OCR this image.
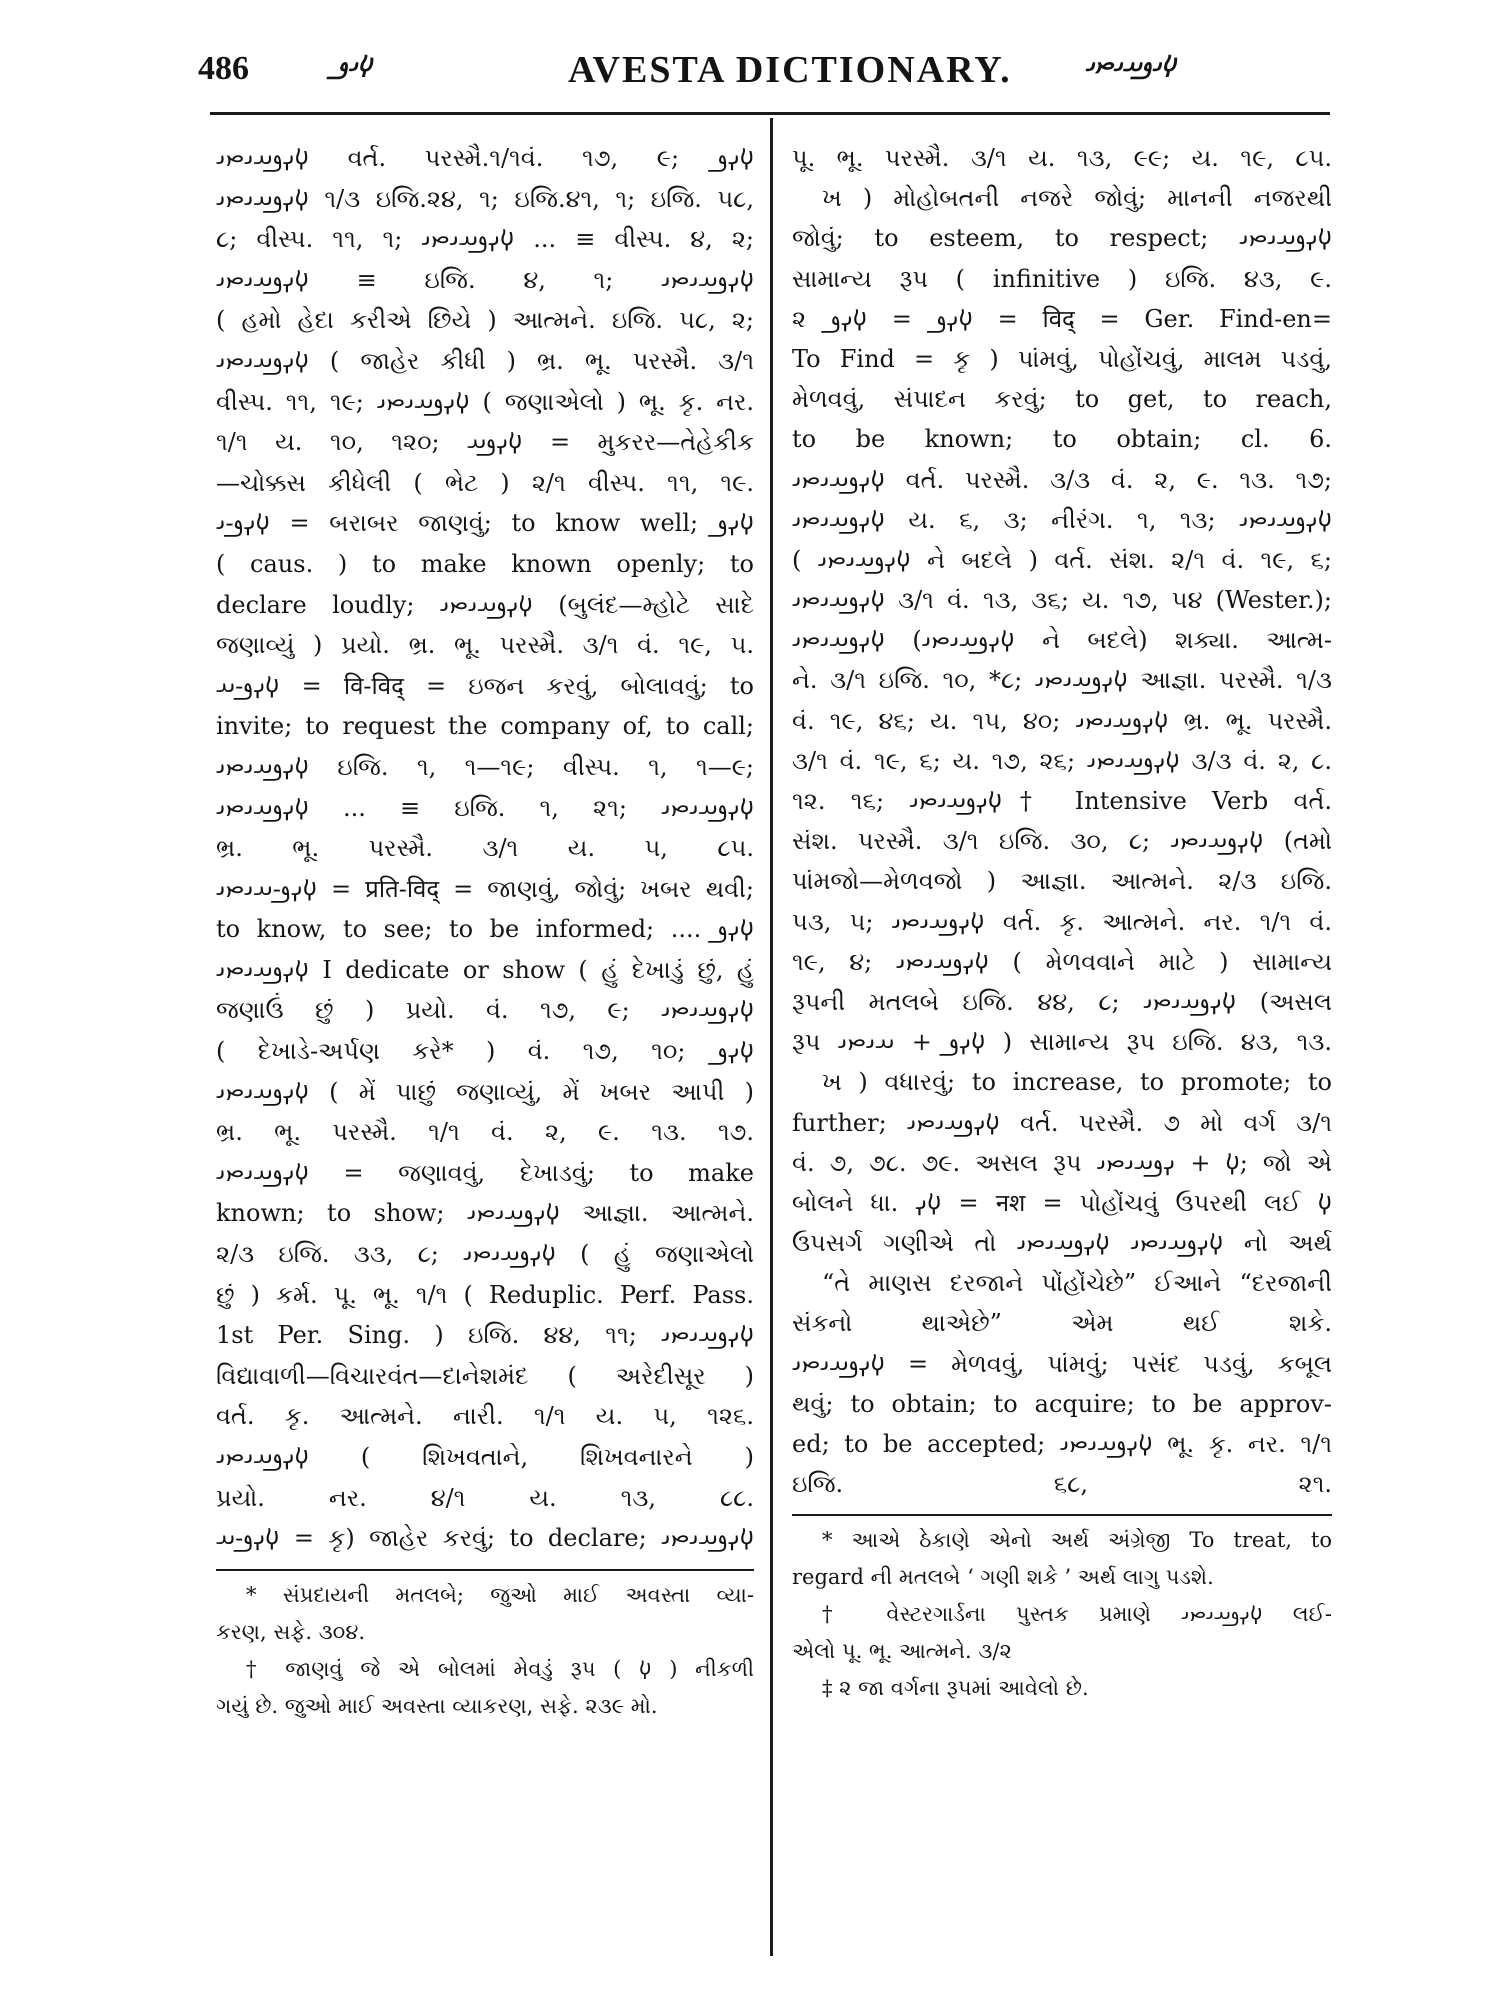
486	𐬬𐬌𐬛	AVESTA DICTIONARY.	𐬬𐬌𐬛𐬀𐬌𐬙𐬌
𐬬𐬍𐬛𐬀𐬌𐬙𐬌 વર્ત. પરસ્મૈ.૧/૧વં. ૧૭, ૯; 𐬬𐬍𐬛
𐬬𐬍𐬛𐬀𐬌𐬙𐬌 ૧/૩ ઇજિ.૨૪, ૧; ઇજિ.૪૧, ૧; ઇજિ. ૫૮,
૮; વીસ્પ. ૧૧, ૧; 𐬬𐬍𐬛𐬀𐬌𐬙𐬌 ... ≡ વીસ્પ. ૪, ૨;
𐬬𐬍𐬛𐬀𐬌𐬙𐬌 ≡ ઇજિ. ૪, ૧; 𐬬𐬍𐬛𐬀𐬌𐬙𐬌
( હમો હેદા કરીએ છિયે ) આત્મને. ઇજિ. ૫૮, ૨;
𐬬𐬍𐬛𐬀𐬌𐬙𐬌 ( જાહેર કીધી ) ભ્ર. ભૂ. પરસ્મૈ. ૩/૧
વીસ્પ. ૧૧, ૧૯; 𐬬𐬍𐬛𐬀𐬌𐬙𐬌 ( જણાએલો ) ભૂ. કૃ. નર.
૧/૧ ય. ૧૦, ૧૨૦; 𐬬𐬍𐬛𐬀 = મુકરર—તેહેકીક
—ચોક્કસ કીધેલી ( ભેટ ) ૨/૧ વીસ્પ. ૧૧, ૧૯.
𐬬𐬍𐬛-𐬌 = બરાબર જાણવું; to know well; 𐬬𐬍𐬛
( caus. ) to make known openly; to
declare loudly; 𐬬𐬍𐬛𐬀𐬌𐬙𐬌 (બુલંદ—મ્હોટે સાદે
જણાવ્યું ) પ્રયો. ભ્ર. ભૂ. પરસ્મૈ. ૩/૧ વં. ૧૯, ૫.
𐬬𐬍𐬛-𐬀 = वि-विद् = ઇજન કરવું, બોલાવવું; to
invite; to request the company of, to call;
𐬬𐬍𐬛𐬀𐬌𐬙𐬌 ઇજિ. ૧, ૧—૧૯; વીસ્પ. ૧, ૧—૯;
𐬬𐬍𐬛𐬀𐬌𐬙𐬌 ... ≡ ઇજિ. ૧, ૨૧; 𐬬𐬍𐬛𐬀𐬌𐬙𐬌
ભ્ર. ભૂ. પરસ્મૈ. ૩/૧ ય. ૫, ૮૫.
𐬬𐬍𐬛-𐬀𐬌𐬙𐬌 = प्रति-विद् = જાણવું, જોવું; ખબર થવી;
to know, to see; to be informed; .... 𐬬𐬍𐬛
𐬬𐬍𐬛𐬀𐬌𐬙𐬌 I dedicate or show ( હું દેખાડું છું, હું
જણાઉં છું ) પ્રયો. વં. ૧૭, ૯; 𐬬𐬍𐬛𐬀𐬌𐬙𐬌
( દેખાડે-અર્પણ કરે* ) વં. ૧૭, ૧૦; 𐬬𐬍𐬛
𐬬𐬍𐬛𐬀𐬌𐬙𐬌 ( મેં પાછું જણાવ્યું, મેં ખબર આપી )
ભ્ર. ભૂ. પરસ્મૈ. ૧/૧ વં. ૨, ૯. ૧૩. ૧૭.
𐬬𐬍𐬛𐬀𐬌𐬙𐬌 = જણાવવું, દેખાડવું; to make
known; to show; 𐬬𐬍𐬛𐬀𐬌𐬙𐬌 આજ્ઞા. આત્મને.
૨/૩ ઇજિ. ૩૩, ૮; 𐬬𐬍𐬛𐬀𐬌𐬙𐬌 ( હું જણાએલો
છું ) કર્મ. પૂ. ભૂ. ૧/૧ ( Reduplic. Perf. Pass.
1st Per. Sing. ) ઇજિ. ૪૪, ૧૧; 𐬬𐬍𐬛𐬀𐬌𐬙𐬌
વિદ્યાવાળી—વિચારવંત—દાનેશમંદ ( અરેદીસૂર )
વર્ત. કૃ. આત્મને. નારી. ૧/૧ ય. ૫, ૧૨૬.
𐬬𐬍𐬛𐬀𐬌𐬙𐬌 ( શિખવતાને, શિખવનારને )
પ્રયો. નર. ૪/૧ ય. ૧૩, ૮૮.
𐬬𐬍𐬛-𐬀 = કૃ) જાહેર કરવું; to declare; 𐬬𐬍𐬛𐬀𐬌𐬙𐬌
* સંપ્રદાયની મતલબે; જુઓ માઈ અવસ્તા વ્યા-
કરણ, સફે. ૩૦૪.
† જાણવું જે એ બોલમાં મેવડું રૂપ ( 𐬬 ) નીકળી
ગયું છે. જુઓ માઈ અવસ્તા વ્યાકરણ, સફે. ૨૩૯ મો.
પૂ. ભૂ. પરસ્મૈ. ૩/૧ ય. ૧૩, ૯૯; ય. ૧૯, ૮૫.
ખ ) મોહોબતની નજરે જોવું; માનની નજરથી
જોવું; to esteem, to respect; 𐬬𐬍𐬛𐬀𐬌𐬙𐬌
સામાન્ય રૂપ ( infinitive ) ઇજિ. ૪૩, ૯.
૨ 𐬬𐬍𐬛 = 𐬬𐬍𐬛 = विद् = Ger. Find-en=
To Find = કૃ ) પાંમવું, પોહોંચવું, માલમ પડવું,
મેળવવું, સંપાદન કરવું; to get, to reach,
to be known; to obtain; cl. 6.
𐬬𐬍𐬛𐬀𐬌𐬙𐬌 વર્ત. પરસ્મૈ. ૩/૩ વં. ૨, ૯. ૧૩. ૧૭;
𐬬𐬍𐬛𐬀𐬌𐬙𐬌 ય. ૬, ૩; નીરંગ. ૧, ૧૩; 𐬬𐬍𐬛𐬀𐬌𐬙𐬌
( 𐬬𐬍𐬛𐬀𐬌𐬙𐬌 ને બદલે ) વર્ત. સંશ. ૨/૧ વં. ૧૯, ૬;
𐬬𐬍𐬛𐬀𐬌𐬙𐬌 ૩/૧ વં. ૧૩, ૩૬; ય. ૧૭, ૫૪ (Wester.);
𐬬𐬍𐬛𐬀𐬌𐬙𐬌 (𐬬𐬍𐬛𐬀𐬌𐬙𐬌 ને બદલે) શક્યા. આત્મ-
ને. ૩/૧ ઇજિ. ૧૦, *૮; 𐬬𐬍𐬛𐬀𐬌𐬙𐬌 આજ્ઞા. પરસ્મૈ. ૧/૩
વં. ૧૯, ૪૬; ય. ૧૫, ૪૦; 𐬬𐬍𐬛𐬀𐬌𐬙𐬌 ભ્ર. ભૂ. પરસ્મૈ.
૩/૧ વં. ૧૯, ૬; ય. ૧૭, ૨૬; 𐬬𐬍𐬛𐬀𐬌𐬙𐬌 ૩/૩ વં. ૨, ૮.
૧૨. ૧૬; 𐬬𐬍𐬛𐬀𐬌𐬙𐬌† Intensive Verb વર્ત.
સંશ. પરસ્મૈ. ૩/૧ ઇજિ. ૩૦, ૮; 𐬬𐬍𐬛𐬀𐬌𐬙𐬌 (તમો
પાંમજો—મેળવજો ) આજ્ઞા. આત્મને. ૨/૩ ઇજિ.
૫૩, ૫; 𐬬𐬍𐬛𐬀𐬌𐬙𐬌 વર્ત. કૃ. આત્મને. નર. ૧/૧ વં.
૧૯, ૪; 𐬬𐬍𐬛𐬀𐬌𐬙𐬌 ( મેળવવાને માટે ) સામાન્ય
રૂપની મતલબે ઇજિ. ૪૪, ૮; 𐬬𐬍𐬛𐬀𐬌𐬙𐬌 (અસલ
રૂપ 𐬬𐬍𐬛 + 𐬀𐬌𐬙𐬌 ) સામાન્ય રૂપ ઇજિ. ૪૩, ૧૩.
ખ ) વધારવું; to increase, to promote; to
further; 𐬬𐬍𐬛𐬀𐬌𐬙𐬌 વર્ત. પરસ્મૈ. ૭ મો વર્ગ ૩/૧
વં. ૭, ૭૮. ૭૯. અસલ રૂપ 𐬬 + 𐬍𐬛𐬀𐬌𐬙𐬌; જો એ
બોલને ધા. 𐬬𐬍 = नश = પોહોંચવું ઉપરથી લઈ 𐬬
ઉપસર્ગ ગણીએ તો 𐬬𐬍𐬛𐬀𐬌𐬙𐬌 𐬬𐬍𐬛𐬀𐬌𐬙𐬌 નો અર્થ
“તે માણસ દરજાને પોંહોંચેછે” ઈઆને “દરજાની
સંકનો થાએછે” એમ થઈ શકે.
𐬬𐬍𐬛𐬀𐬌𐬙𐬌 = મેળવવું, પાંમવું; પસંદ પડવું, કબૂલ
થવું; to obtain; to acquire; to be approv-
ed; to be accepted; 𐬬𐬍𐬛𐬀𐬌𐬙𐬌 ભૂ. કૃ. નર. ૧/૧
ઇજિ. ૬૮, ૨૧.
* આએ ઠેકાણે એનો અર્થ અંગ્રેજી To treat, to
regard ની મતલબે ‘ ગણી શકે ’ અર્થ લાગુ પડશે.
† વેસ્ટરગાર્ડના પુસ્તક પ્રમાણે 𐬬𐬍𐬛𐬀𐬌𐬙𐬌 લઈ-
એલો પૂ. ભૂ. આત્મને. ૩/૨
‡ ૨ જા વર્ગના રૂપમાં આવેલો છે.
